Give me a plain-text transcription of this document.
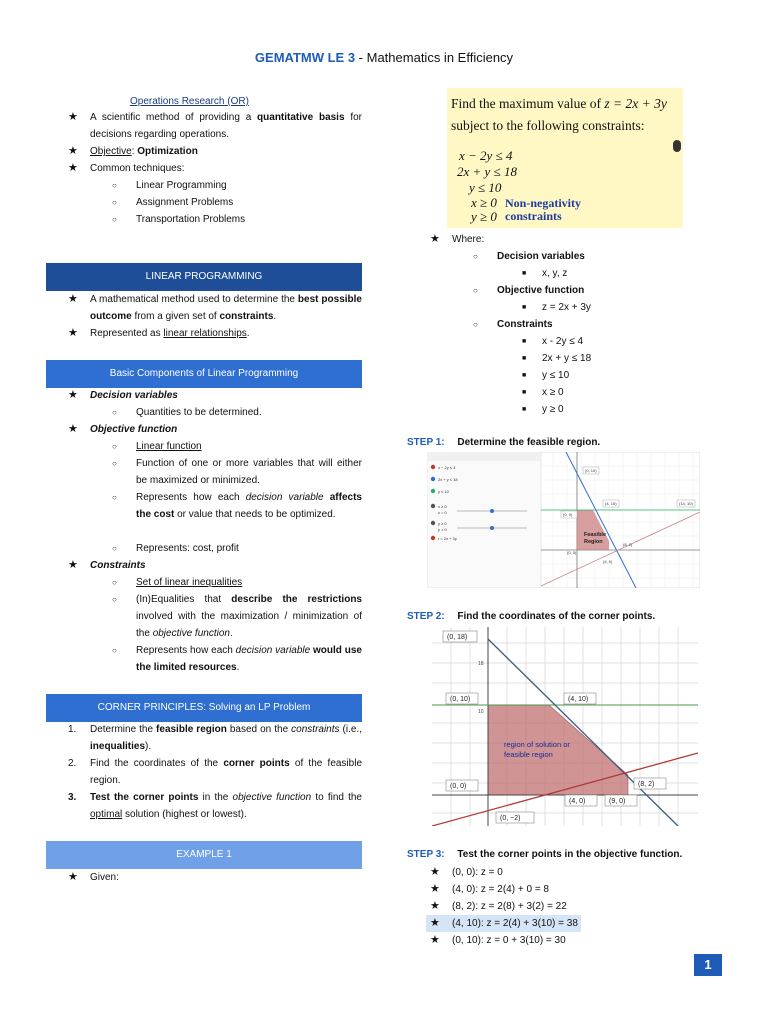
GEMATMW LE 3 - Mathematics in Efficiency
Operations Research (OR)
★ A scientific method of providing a quantitative basis for decisions regarding operations.
★ Objective: Optimization
★ Common techniques:
○ Linear Programming
○ Assignment Problems
○ Transportation Problems
LINEAR PROGRAMMING
★ A mathematical method used to determine the best possible outcome from a given set of constraints.
★ Represented as linear relationships.
Basic Components of Linear Programming
★ Decision variables
○ Quantities to be determined.
★ Objective function
○ Linear function
○ Function of one or more variables that will either be maximized or minimized.
○ Represents how each decision variable affects the cost or value that needs to be optimized.
○ Represents: cost, profit
★ Constraints
○ Set of linear inequalities
○ (In)Equalities that describe the restrictions involved with the maximization / minimization of the objective function.
○ Represents how each decision variable would use the limited resources.
CORNER PRINCIPLES: Solving an LP Problem
1. Determine the feasible region based on the constraints (i.e., inequalities).
2. Find the coordinates of the corner points of the feasible region.
3. Test the corner points in the objective function to find the optimal solution (highest or lowest).
EXAMPLE 1
★ Given:
Find the maximum value of z = 2x + 3y
subject to the following constraints:
x − 2y ≤ 4
2x + y ≤ 18
y ≤ 10
x ≥ 0
y ≥ 0
Non-negativity
constraints
★ Where:
○ Decision variables
■ x, y, z
○ Objective function
■ z = 2x + 3y
○ Constraints
■ x - 2y ≤ 4
■ 2x + y ≤ 18
■ y ≤ 10
■ x ≥ 0
■ y ≥ 0
STEP 1: Determine the feasible region.
x − 2y ≤ 4
2x + y ≤ 18
y ≤ 10
x ≥ 0
y ≥ 0
x = 0
y = 0
r = 2x + 3y
(0, 10)
(4, 10)
(0, 0)
(8, 2)
(0, 0)
(4, 0)
(14, 10)
Feasible
Region
STEP 2: Find the coordinates of the corner points.
(0, 18)
(0, 10)	(4, 10)
(0, 0)	(8, 2)
(4, 0)	(9, 0)
(0, −2)
18
10
region of solution or
feasible region
STEP 3: Test the corner points in the objective function.
★ (0, 0): z = 0
★ (4, 0): z = 2(4) + 0 = 8
★ (8, 2): z = 2(8) + 3(2) = 22
★ (4, 10): z = 2(4) + 3(10) = 38
★ (0, 10): z = 0 + 3(10) = 30
1
